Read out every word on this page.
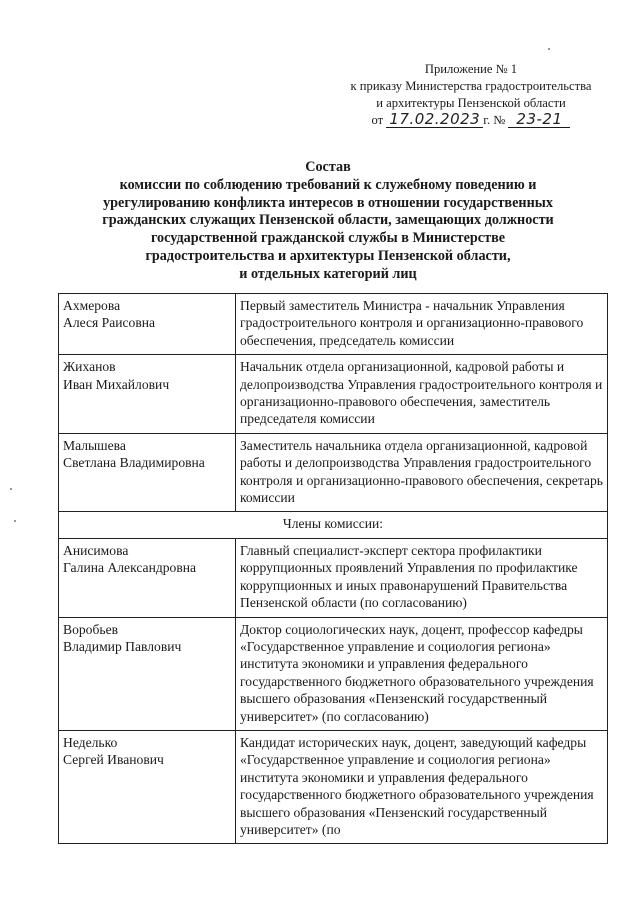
Приложение № 1
к приказу Министерства градостроительства
и архитектуры Пензенской области
от
17.02.2023 г. №
23-21
Состав
комиссии по соблюдению требований к служебному поведению и
урегулированию конфликта интересов в отношении государственных
гражданских служащих Пензенской области, замещающих должности
государственной гражданской службы в Министерстве
градостроительства и архитектуры Пензенской области,
и отдельных категорий лиц
Ахмерова
Алеся Раисовна	Первый заместитель Министра - начальник Управления градостроительного контроля и организационно-правового обеспечения, председатель комиссии

Жиханов
Иван Михайлович	Начальник отдела организационной, кадровой работы и делопроизводства Управления градостроительного контроля и организационно-правового обеспечения, заместитель председателя комиссии

Малышева
Светлана Владимировна	Заместитель начальника отдела организационной, кадровой работы и делопроизводства Управления градостроительного контроля и организационно-правового обеспечения, секретарь комиссии
Члены комиссии:	

Анисимова
Галина Александровна	Главный специалист-эксперт сектора профилактики коррупционных проявлений Управления по профилактике коррупционных и иных правонарушений Правительства Пензенской области (по согласованию)

Воробьев
Владимир Павлович	Доктор социологических наук, доцент, профессор кафедры «Государственное управление и социология региона» института экономики и управления федерального государственного бюджетного образовательного учреждения высшего образования «Пензенский государственный университет» (по согласованию)

Неделько
Сергей Иванович	Кандидат исторических наук, доцент, заведующий кафедры «Государственное управление и социология региона» института экономики и управления федерального государственного бюджетного образовательного учреждения высшего образования «Пензенский государственный университет» (по
